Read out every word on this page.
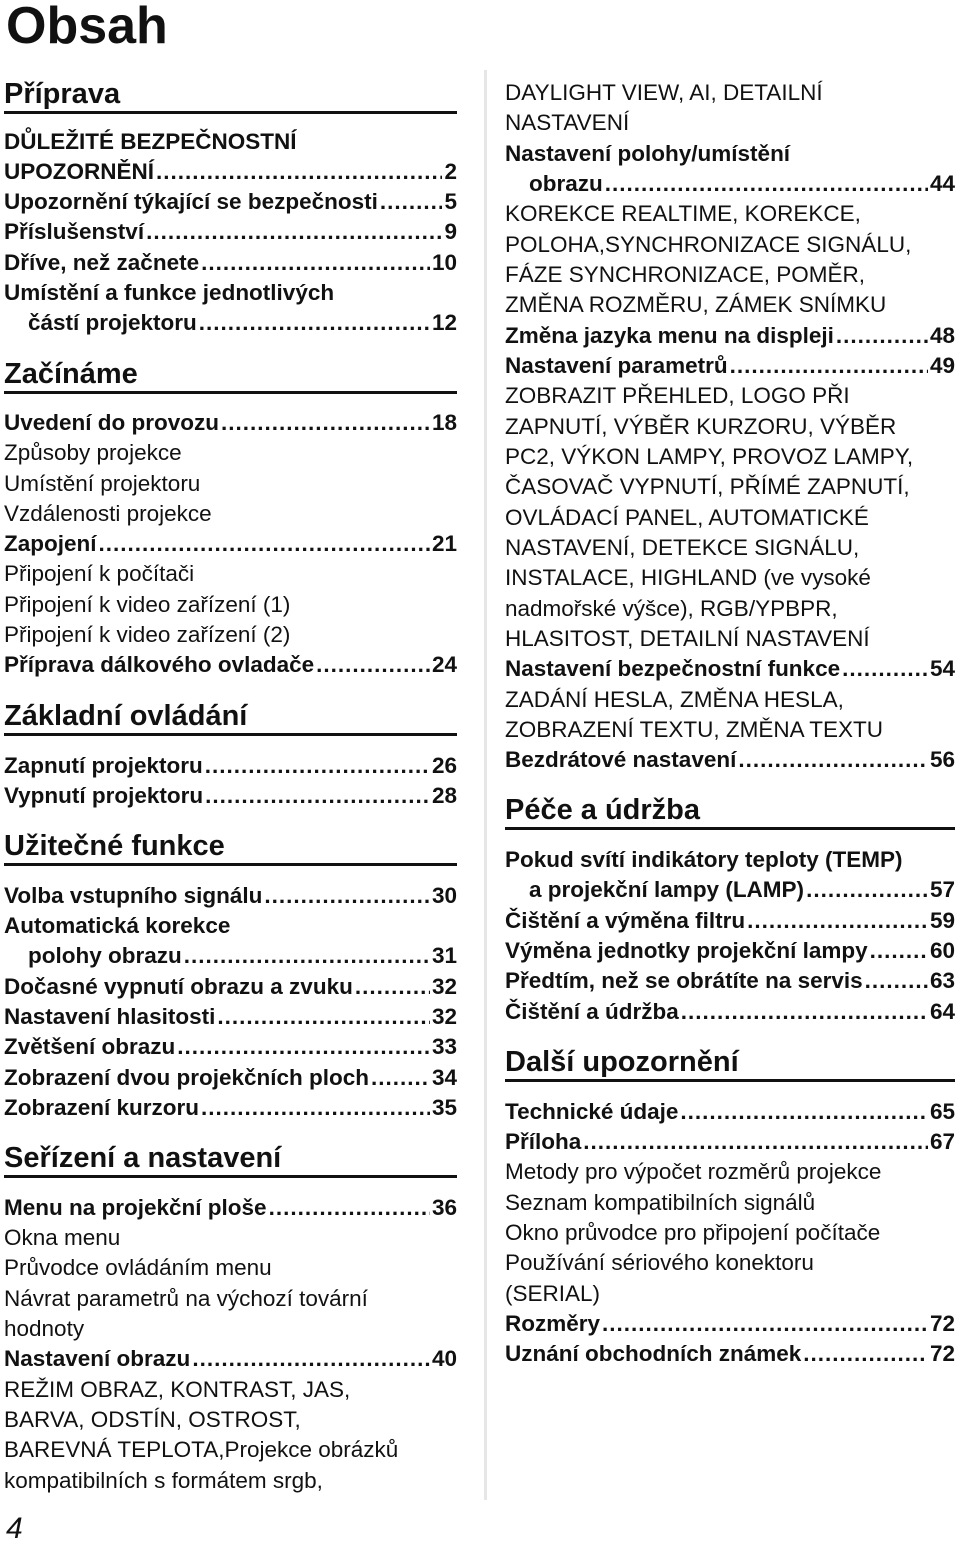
Obsah
Příprava
DŮLEŽITÉ BEZPEČNOSTNÍ
UPOZORNĚNÍ .....	2
Upozornění týkající se bezpečnosti .....	5
Příslušenství .....	9
Dříve, než začnete .....	10
Umístění a funkce jednotlivých
částí projektoru .....	12
Začínáme
Uvedení do provozu .....	18
Způsoby projekce
Umístění projektoru
Vzdálenosti projekce
Zapojení .....	21
Připojení k počítači
Připojení k video zařízení (1)
Připojení k video zařízení (2)
Příprava dálkového ovladače .....	24
Základní ovládání
Zapnutí projektoru .....	26
Vypnutí projektoru .....	28
Užitečné funkce
Volba vstupního signálu .....	30
Automatická korekce
polohy obrazu .....	31
Dočasné vypnutí obrazu a zvuku .....	32
Nastavení hlasitosti .....	32
Zvětšení obrazu .....	33
Zobrazení dvou projekčních ploch .....	34
Zobrazení kurzoru .....	35
Seřízení a nastavení
Menu na projekční ploše .....	36
Okna menu
Průvodce ovládáním menu
Návrat parametrů na výchozí tovární
hodnoty
Nastavení obrazu .....	40
REŽIM OBRAZ, KONTRAST, JAS,
BARVA, ODSTÍN, OSTROST,
BAREVNÁ TEPLOTA,Projekce obrázků
kompatibilních s formátem srgb,
DAYLIGHT VIEW, AI, DETAILNÍ
NASTAVENÍ
Nastavení polohy/umístění
obrazu .....	44
KOREKCE REALTIME, KOREKCE,
POLOHA,SYNCHRONIZACE SIGNÁLU,
FÁZE SYNCHRONIZACE, POMĚR,
ZMĚNA ROZMĚRU, ZÁMEK SNÍMKU
Změna jazyka menu na displeji .....	48
Nastavení parametrů .....	49
ZOBRAZIT PŘEHLED, LOGO PŘI
ZAPNUTÍ, VÝBĚR KURZORU, VÝBĚR
PC2, VÝKON LAMPY, PROVOZ LAMPY,
ČASOVAČ VYPNUTÍ, PŘÍMÉ ZAPNUTÍ,
OVLÁDACÍ PANEL, AUTOMATICKÉ
NASTAVENÍ, DETEKCE SIGNÁLU,
INSTALACE, HIGHLAND (ve vysoké
nadmořské výšce), RGB/YPBPR,
HLASITOST, DETAILNÍ NASTAVENÍ
Nastavení bezpečnostní funkce .....	54
ZADÁNÍ HESLA, ZMĚNA HESLA,
ZOBRAZENÍ TEXTU, ZMĚNA TEXTU
Bezdrátové nastavení .....	56
Péče a údržba
Pokud svítí indikátory teploty (TEMP)
a projekční lampy (LAMP) .....	57
Čištění a výměna filtru .....	59
Výměna jednotky projekční lampy .....	60
Předtím, než se obrátíte na servis .....	63
Čištění a údržba .....	64
Další upozornění
Technické údaje .....	65
Příloha .....	67
Metody pro výpočet rozměrů projekce
Seznam kompatibilních signálů
Okno průvodce pro připojení počítače
Používání sériového konektoru
(SERIAL)
Rozměry .....	72
Uznání obchodních známek .....	72
4
